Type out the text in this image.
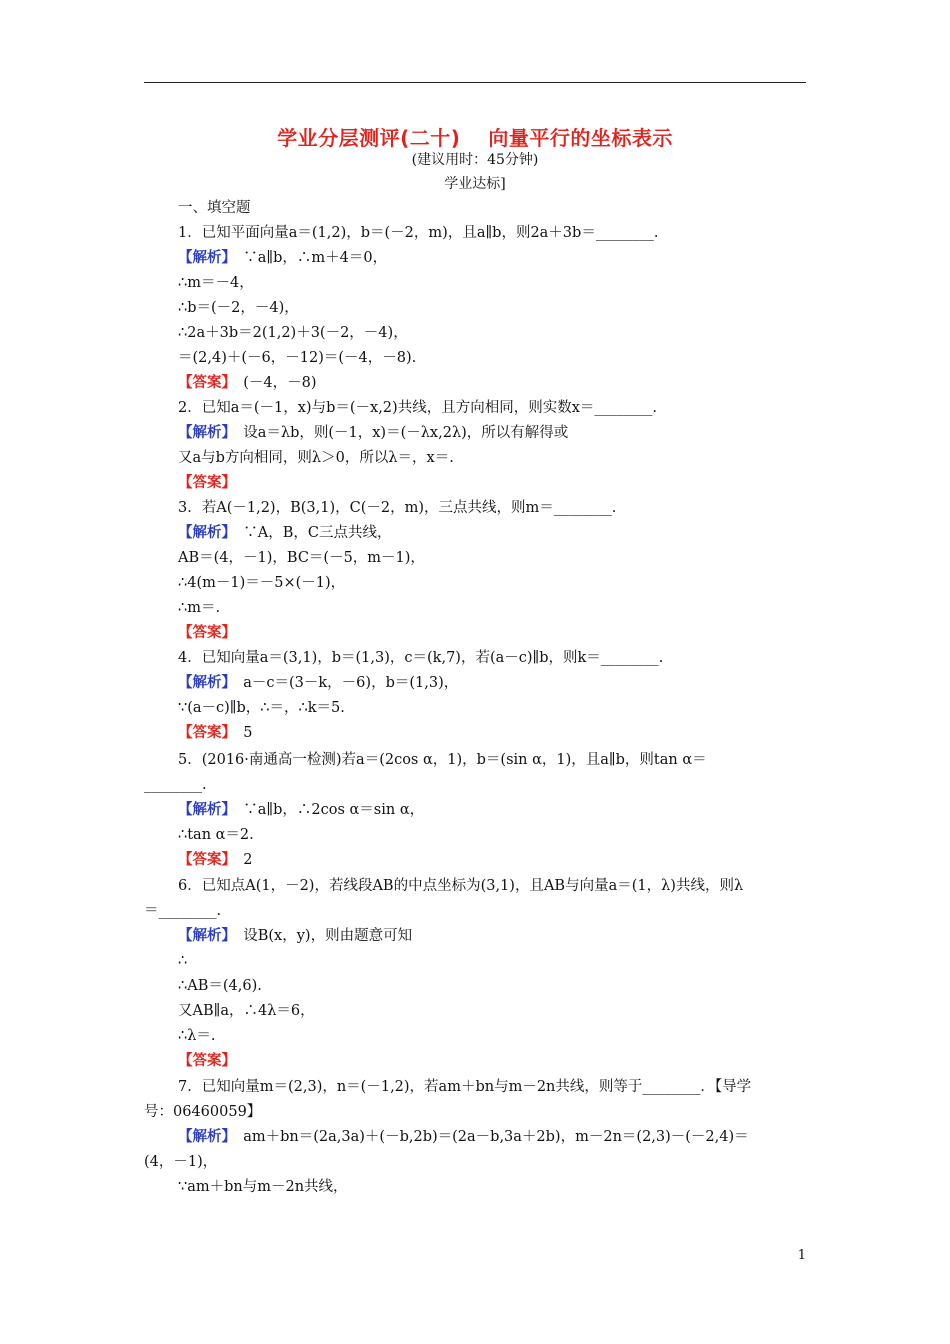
学业分层测评(二十)　 向量平行的坐标表示
(建议用时：45分钟)
学业达标]
一、填空题
1．已知平面向量a＝(1,2)，b＝(－2，m)，且a∥b，则2a＋3b＝________.
【解析】　 ∵a∥b，∴m＋4＝0，
∴m＝－4，
∴b＝(－2，－4)，
∴2a＋3b＝2(1,2)＋3(－2，－4)，
＝(2,4)＋(－6，－12)＝(－4，－8).
【答案】　 (－4，－8)
2．已知a＝(－1，x)与b＝(－x,2)共线，且方向相同，则实数x＝________.
【解析】　 设a＝λb，则(－1，x)＝(－λx,2λ)，所以有解得或
又a与b方向相同，则λ＞0，所以λ＝，x＝.
【答案】
3．若A(－1,2)，B(3,1)，C(－2，m)，三点共线，则m＝________.
【解析】　 ∵A，B，C三点共线，
AB＝(4，－1)，BC＝(－5，m－1)，
∴4(m－1)＝－5×(－1)，
∴m＝.
【答案】
4．已知向量a＝(3,1)，b＝(1,3)，c＝(k,7)，若(a－c)∥b，则k＝________.
【解析】　 a－c＝(3－k，－6)，b＝(1,3)，
∵(a－c)∥b，∴＝，∴k＝5.
【答案】　 5
5．(2016·南通高一检测)若a＝(2cos α，1)，b＝(sin α，1)，且a∥b，则tan α＝
________.
【解析】　 ∵a∥b，∴2cos α＝sin α，
∴tan α＝2.
【答案】　 2
6．已知点A(1，－2)，若线段AB的中点坐标为(3,1)，且AB与向量a＝(1，λ)共线，则λ
＝________.
【解析】　 设B(x，y)，则由题意可知
∴
∴AB＝(4,6).
又AB∥a，∴4λ＝6，
∴λ＝.
【答案】
7．已知向量m＝(2,3)，n＝(－1,2)，若am＋bn与m－2n共线，则等于________．【导学
号：06460059】
【解析】　 am＋bn＝(2a,3a)＋(－b,2b)＝(2a－b,3a＋2b)，m－2n＝(2,3)－(－2,4)＝
(4，－1)，
∵am＋bn与m－2n共线，
1
